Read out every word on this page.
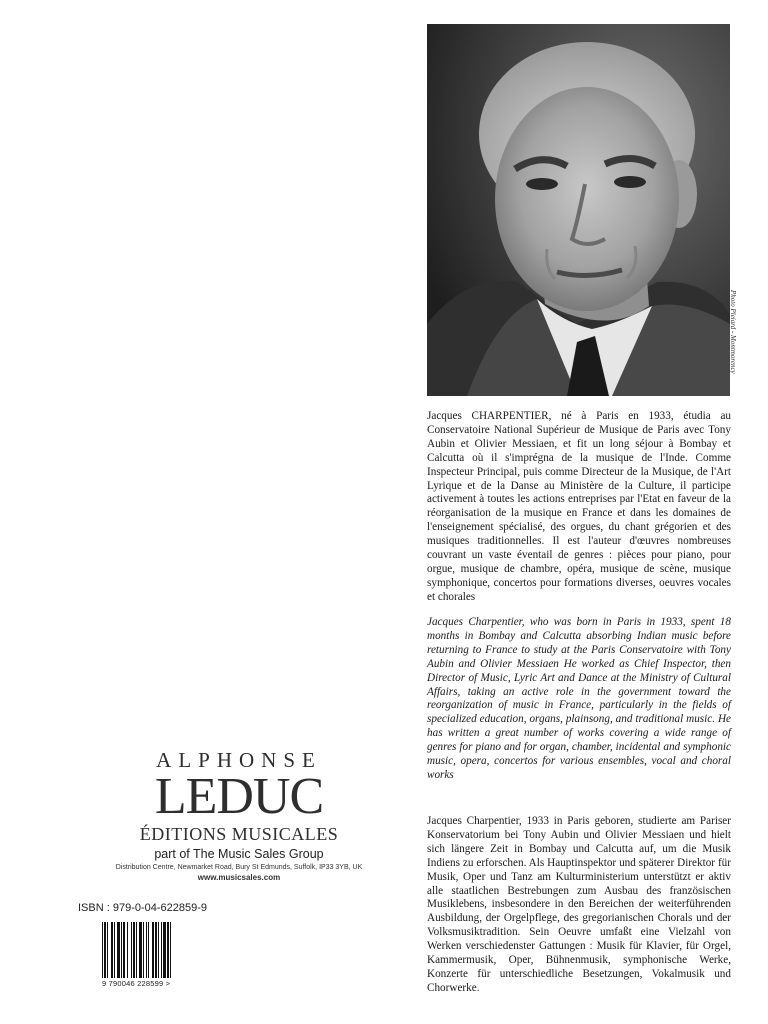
Photo Pleiard - Montmorency

Jacques CHARPENTIER, né à Paris en 1933, étudia au Conservatoire National Supérieur de Musique de Paris avec Tony Aubin et Olivier Messiaen, et fit un long séjour à Bombay et Calcutta où il s'imprégna de la musique de l'Inde. Comme Inspecteur Principal, puis comme Directeur de la Musique, de l'Art Lyrique et de la Danse au Ministère de la Culture, il participe activement à toutes les actions entreprises par l'Etat en faveur de la réorganisation de la musique en France et dans les domaines de l'enseignement spécialisé, des orgues, du chant grégorien et des musiques traditionnelles. Il est l'auteur d'œuvres nombreuses couvrant un vaste éventail de genres : pièces pour piano, pour orgue, musique de chambre, opéra, musique de scène, musique symphonique, concertos pour formations diverses, oeuvres vocales et chorales

Jacques Charpentier, who was born in Paris in 1933, spent 18 months in Bombay and Calcutta absorbing Indian music before returning to France to study at the Paris Conservatoire with Tony Aubin and Olivier Messiaen He worked as Chief Inspector, then Director of Music, Lyric Art and Dance at the Ministry of Cultural Affairs, taking an active role in the government toward the reorganization of music in France, particularly in the fields of specialized education, organs, plainsong, and traditional music. He has written a great number of works covering a wide range of genres for piano and for organ, chamber, incidental and symphonic music, opera, concertos for various ensembles, vocal and choral works

Jacques Charpentier, 1933 in Paris geboren, studierte am Pariser Konservatorium bei Tony Aubin und Olivier Messiaen und hielt sich längere Zeit in Bombay und Calcutta auf, um die Musik Indiens zu erforschen. Als Hauptinspektor und späterer Direktor für Musik, Oper und Tanz am Kulturministerium unterstützt er aktiv alle staatlichen Bestrebungen zum Ausbau des französischen Musiklebens, insbesondere in den Bereichen der weiterführenden Ausbildung, der Orgelpflege, des gregorianischen Chorals und der Volksmusiktradition. Sein Oeuvre umfaßt eine Vielzahl von Werken verschiedenster Gattungen : Musik für Klavier, für Orgel, Kammermusik, Oper, Bühnenmusik, symphonische Werke, Konzerte für unterschiedliche Besetzungen, Vokalmusik und Chorwerke.

ALPHONSE
LEDUC
ÉDITIONS MUSICALES
part of The Music Sales Group
Distribution Centre, Newmarket Road, Bury St Edmunds, Suffolk, IP33 3YB, UK
www.musicsales.com
ISBN : 979-0-04-622859-9
9 790046 228599 >
